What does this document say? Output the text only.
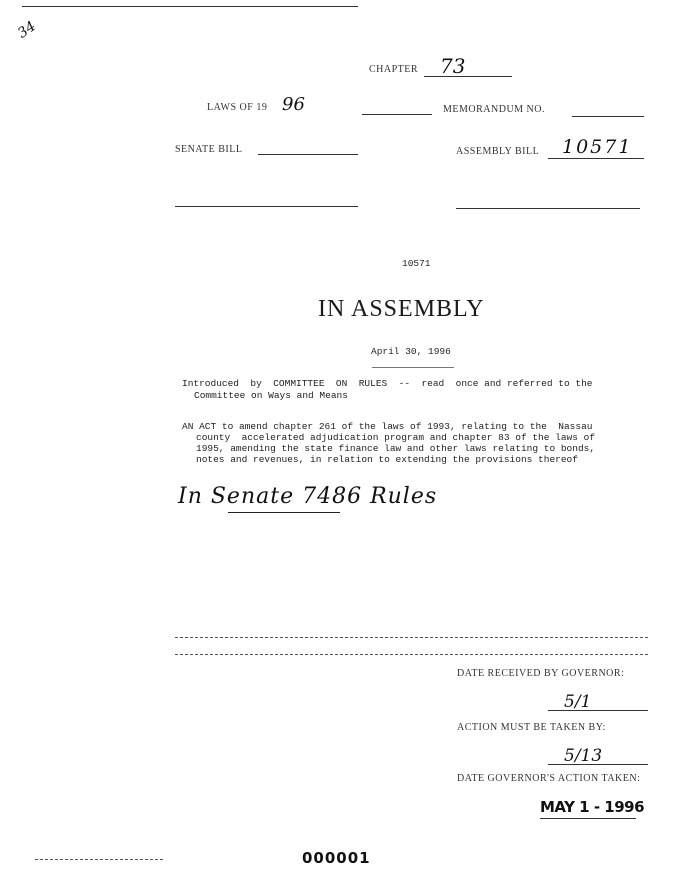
34
CHAPTER 73
LAWS OF 19 96	MEMORANDUM NO.
SENATE BILL	ASSEMBLY BILL 10571
10571
IN ASSEMBLY
April 30, 1996
Introduced  by  COMMITTEE  ON  RULES  --  read  once and referred to the
Committee on Ways and Means
AN ACT to amend chapter 261 of the laws of 1993, relating to the  Nassau
county  accelerated adjudication program and chapter 83 of the laws of
1995, amending the state finance law and other laws relating to bonds,
notes and revenues, in relation to extending the provisions thereof
In Senate 7486 Rules
DATE RECEIVED BY GOVERNOR:
5/1
ACTION MUST BE TAKEN BY:
5/13
DATE GOVERNOR'S ACTION TAKEN:
MAY 1 - 1996
000001
